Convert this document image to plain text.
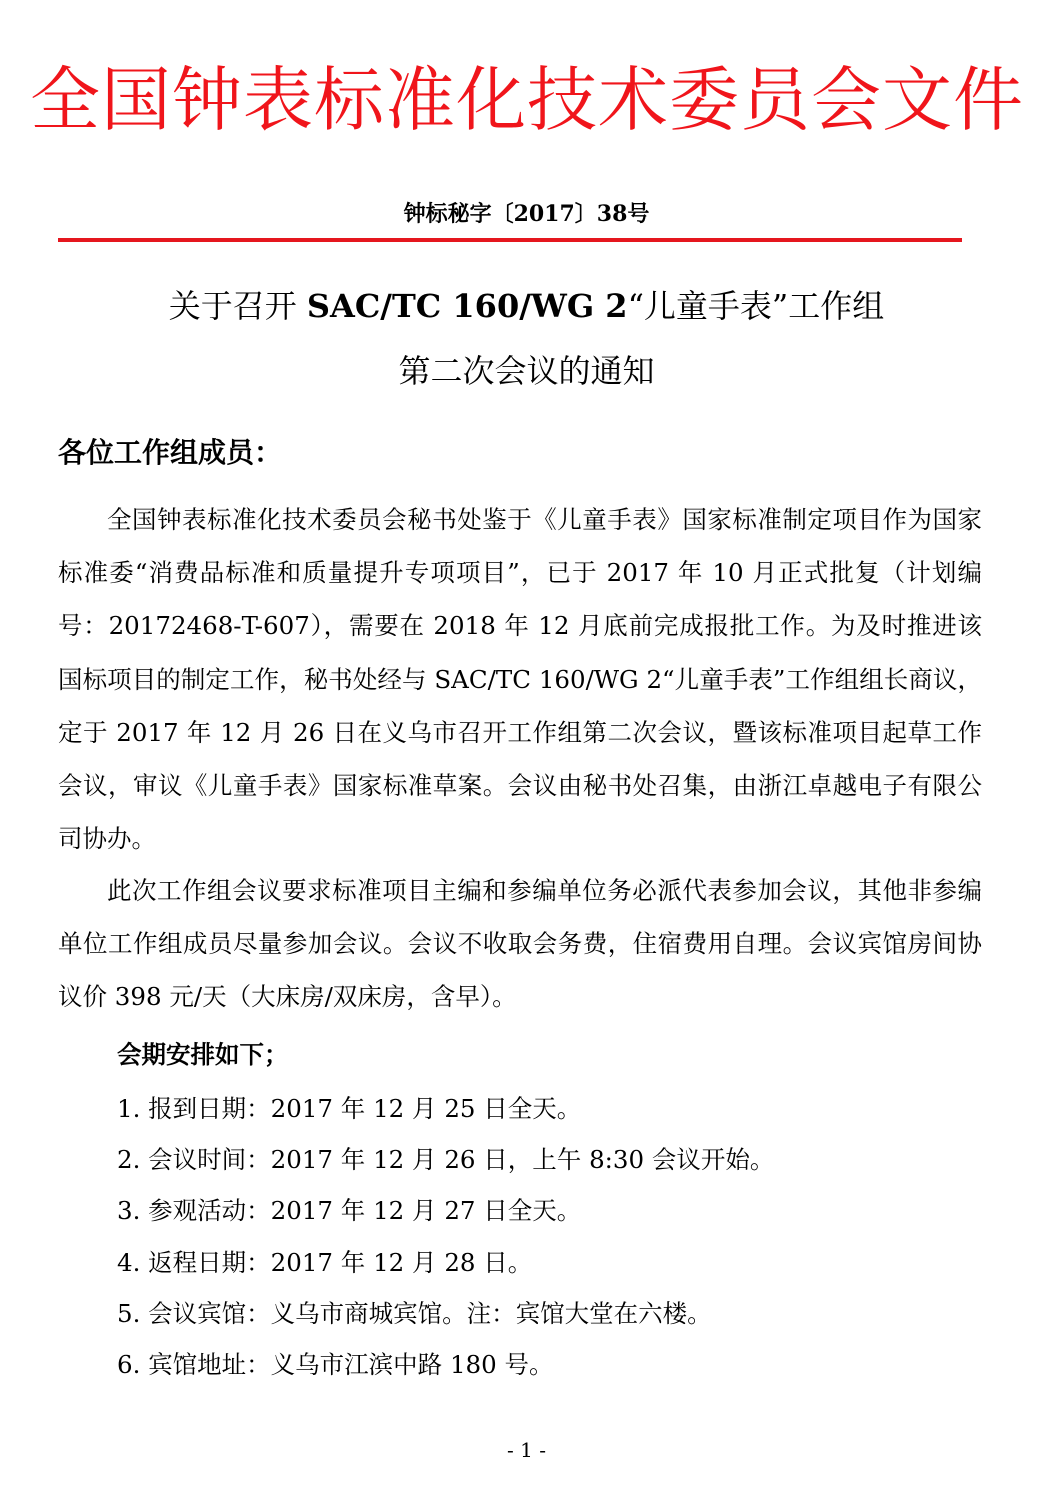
全国钟表标准化技术委员会文件
钟标秘字〔2017〕38号
关于召开 SAC/TC 160/WG 2“儿童手表”工作组
第二次会议的通知
各位工作组成员：
全国钟表标准化技术委员会秘书处鉴于《儿童手表》国家标准制定项目作为国家标准委“消费品标准和质量提升专项项目”，已于 2017 年 10 月正式批复（计划编号：20172468-T-607），需要在 2018 年 12 月底前完成报批工作。为及时推进该国标项目的制定工作，秘书处经与 SAC/TC 160/WG 2“儿童手表”工作组组长商议，定于 2017 年 12 月 26 日在义乌市召开工作组第二次会议，暨该标准项目起草工作会议，审议《儿童手表》国家标准草案。会议由秘书处召集，由浙江卓越电子有限公司协办。
此次工作组会议要求标准项目主编和参编单位务必派代表参加会议，其他非参编单位工作组成员尽量参加会议。会议不收取会务费，住宿费用自理。会议宾馆房间协议价 398 元/天（大床房/双床房，含早）。
会期安排如下；
1. 报到日期：2017 年 12 月 25 日全天。
2. 会议时间：2017 年 12 月 26 日，上午 8:30 会议开始。
3. 参观活动：2017 年 12 月 27 日全天。
4. 返程日期：2017 年 12 月 28 日。
5. 会议宾馆：义乌市商城宾馆。注：宾馆大堂在六楼。
6. 宾馆地址：义乌市江滨中路 180 号。
- 1 -
